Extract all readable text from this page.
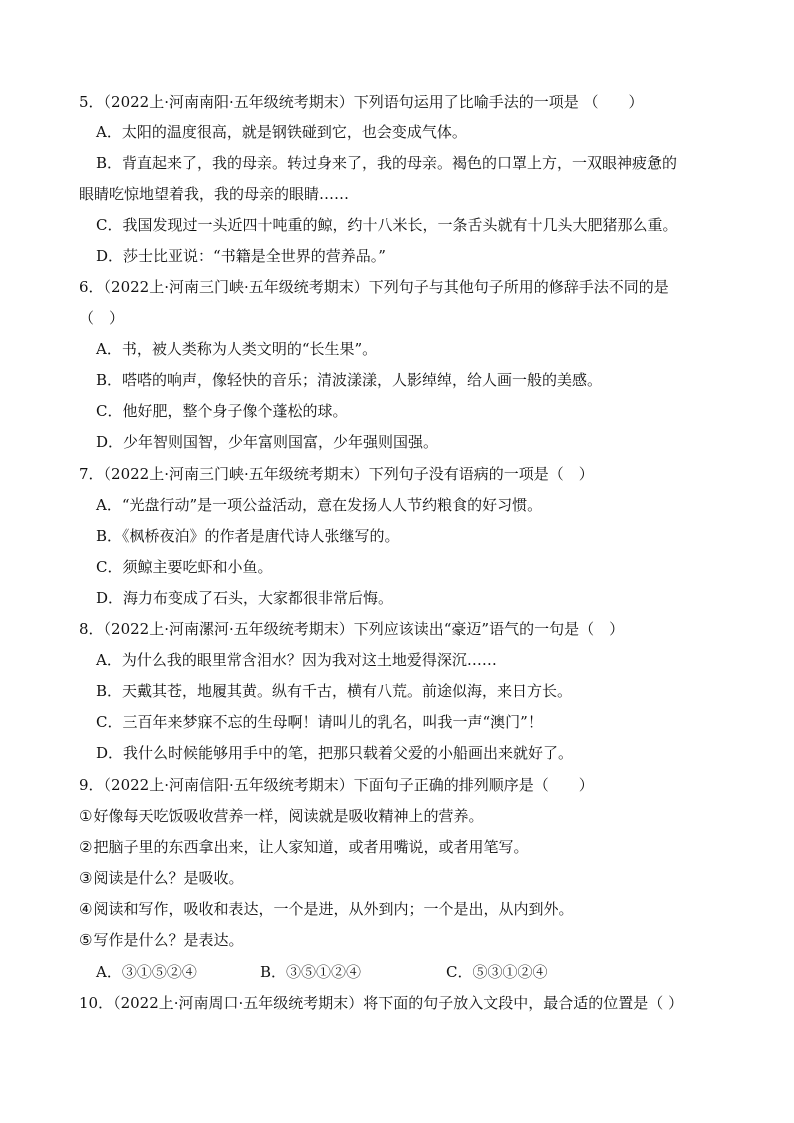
5．（2022上·河南南阳·五年级统考期末）下列语句运用了比喻手法的一项是 （　　）
A．太阳的温度很高，就是钢铁碰到它，也会变成气体。
B．背直起来了，我的母亲。转过身来了，我的母亲。褐色的口罩上方，一双眼神疲惫的
眼睛吃惊地望着我，我的母亲的眼睛……
C．我国发现过一头近四十吨重的鲸，约十八米长，一条舌头就有十几头大肥猪那么重。
D．莎士比亚说：“书籍是全世界的营养品。”
6．（2022上·河南三门峡·五年级统考期末）下列句子与其他句子所用的修辞手法不同的是
（　）
A．书，被人类称为人类文明的“长生果”。
B．嗒嗒的响声，像轻快的音乐；清波漾漾，人影绰绰，给人画一般的美感。
C．他好肥，整个身子像个蓬松的球。
D．少年智则国智，少年富则国富，少年强则国强。
7．（2022上·河南三门峡·五年级统考期末）下列句子没有语病的一项是（　）
A．“光盘行动”是一项公益活动，意在发扬人人节约粮食的好习惯。
B．《枫桥夜泊》的作者是唐代诗人张继写的。
C．须鲸主要吃虾和小鱼。
D．海力布变成了石头，大家都很非常后悔。
8．（2022上·河南漯河·五年级统考期末）下列应该读出“豪迈”语气的一句是（　）
A．为什么我的眼里常含泪水？因为我对这土地爱得深沉……
B．天戴其苍，地履其黄。纵有千古，横有八荒。前途似海，来日方长。
C．三百年来梦寐不忘的生母啊！请叫儿的乳名，叫我一声“澳门”！
D．我什么时候能够用手中的笔，把那只载着父爱的小船画出来就好了。
9．（2022上·河南信阳·五年级统考期末）下面句子正确的排列顺序是（　　）
①好像每天吃饭吸收营养一样，阅读就是吸收精神上的营养。
②把脑子里的东西拿出来，让人家知道，或者用嘴说，或者用笔写。
③阅读是什么？是吸收。
④阅读和写作，吸收和表达，一个是进，从外到内；一个是出，从内到外。
⑤写作是什么？是表达。
A．③①⑤②④	B．③⑤①②④	C．⑤③①②④
10．（2022上·河南周口·五年级统考期末）将下面的句子放入文段中，最合适的位置是（ ）
